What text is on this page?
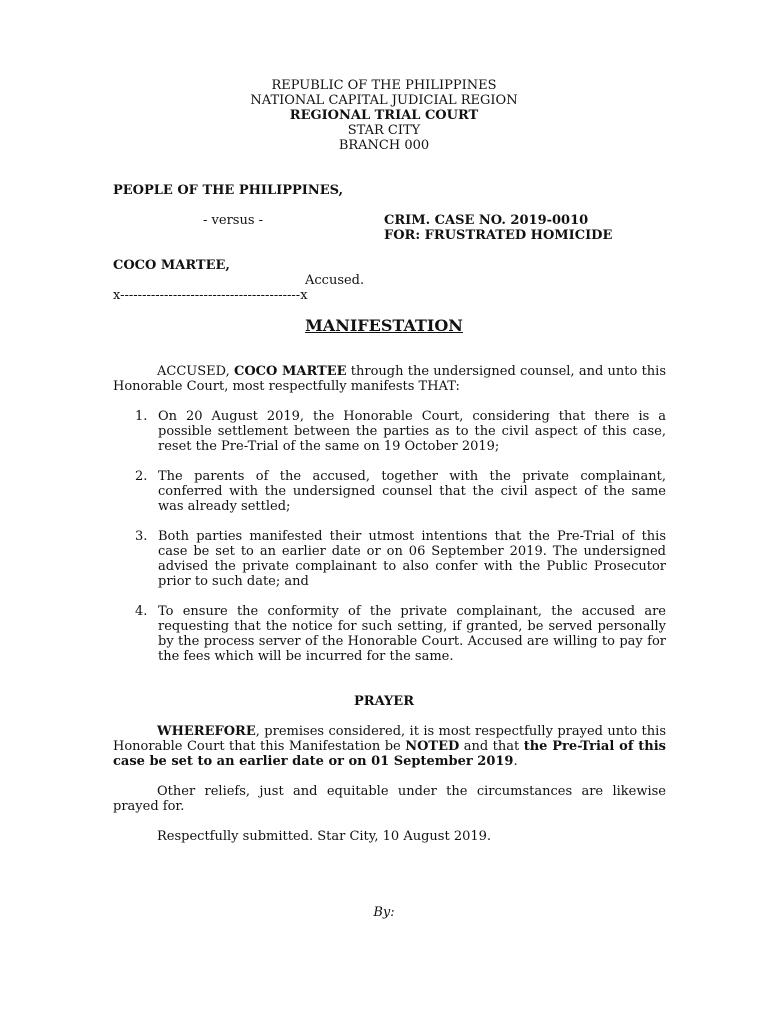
REPUBLIC OF THE PHILIPPINES
NATIONAL CAPITAL JUDICIAL REGION
REGIONAL TRIAL COURT
STAR CITY
BRANCH 000
PEOPLE OF THE PHILIPPINES,
- versus -	CRIM. CASE NO. 2019-0010
FOR: FRUSTRATED HOMICIDE
COCO MARTEE,
Accused.
x-----------------------------------------x
MANIFESTATION
ACCUSED, COCO MARTEE through the undersigned counsel, and unto this Honorable Court, most respectfully manifests THAT:
1. On 20 August 2019, the Honorable Court, considering that there is a possible settlement between the parties as to the civil aspect of this case, reset the Pre-Trial of the same on 19 October 2019;
2. The parents of the accused, together with the private complainant, conferred with the undersigned counsel that the civil aspect of the same was already settled;
3. Both parties manifested their utmost intentions that the Pre-Trial of this case be set to an earlier date or on 06 September 2019. The undersigned advised the private complainant to also confer with the Public Prosecutor prior to such date; and
4. To ensure the conformity of the private complainant, the accused are requesting that the notice for such setting, if granted, be served personally by the process server of the Honorable Court. Accused are willing to pay for the fees which will be incurred for the same.
PRAYER
WHEREFORE, premises considered, it is most respectfully prayed unto this Honorable Court that this Manifestation be NOTED and that the Pre-Trial of this case be set to an earlier date or on 01 September 2019.
Other reliefs, just and equitable under the circumstances are likewise prayed for.
Respectfully submitted. Star City, 10 August 2019.
By:
